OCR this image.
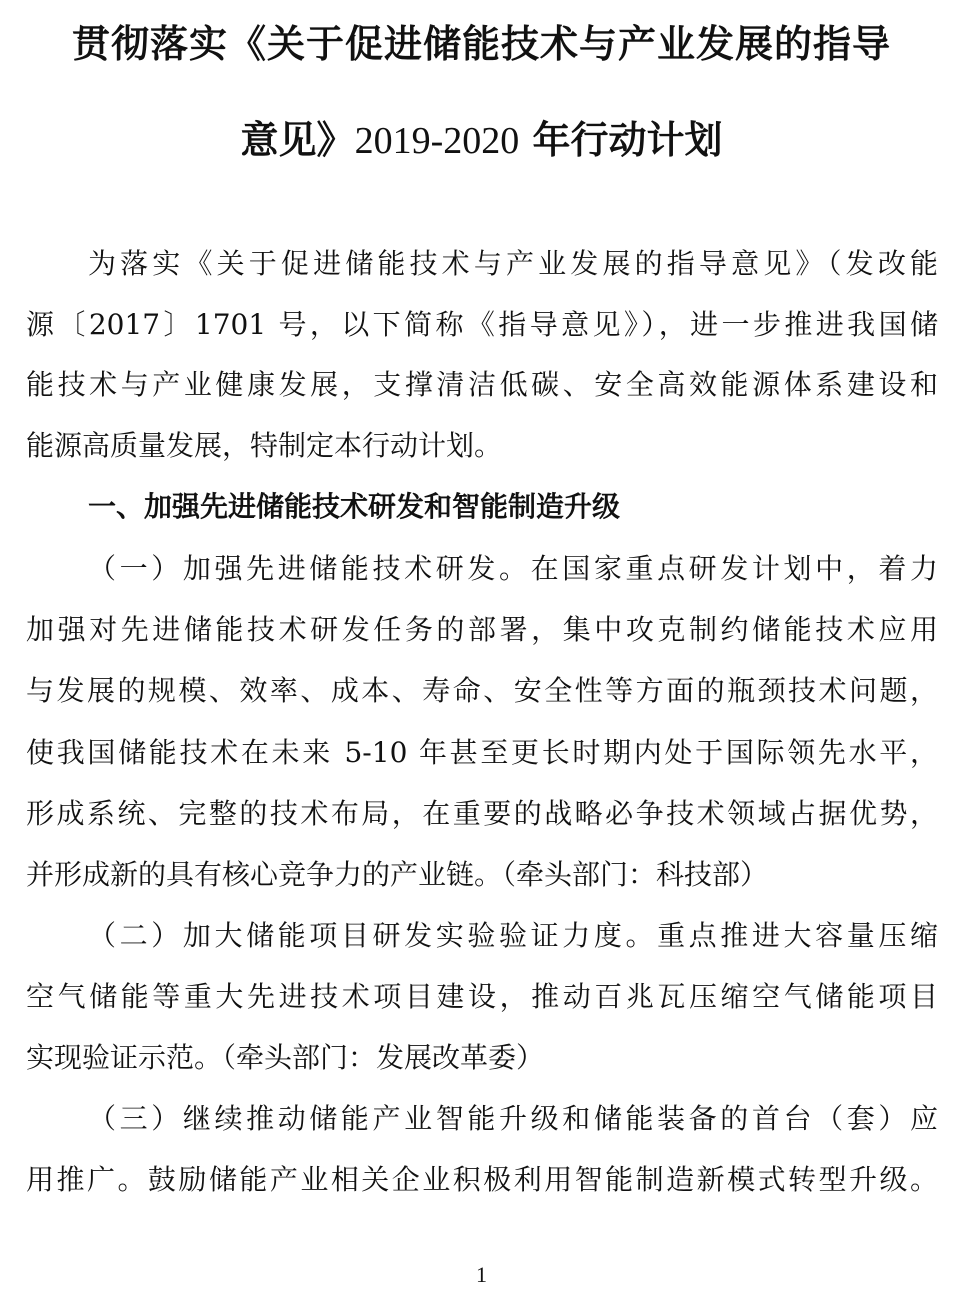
贯彻落实《关于促进储能技术与产业发展的指导
意见》2019-2020 年行动计划

为落实《关于促进储能技术与产业发展的指导意见》（发改能

源〔2017〕1701 号，以下简称《指导意见》），进一步推进我国储

能技术与产业健康发展，支撑清洁低碳、安全高效能源体系建设和

能源高质量发展，特制定本行动计划。

一、加强先进储能技术研发和智能制造升级

（一）加强先进储能技术研发。在国家重点研发计划中，着力

加强对先进储能技术研发任务的部署，集中攻克制约储能技术应用

与发展的规模、效率、成本、寿命、安全性等方面的瓶颈技术问题，

使我国储能技术在未来 5-10 年甚至更长时期内处于国际领先水平，

形成系统、完整的技术布局，在重要的战略必争技术领域占据优势，

并形成新的具有核心竞争力的产业链。（牵头部门：科技部）

（二）加大储能项目研发实验验证力度。重点推进大容量压缩

空气储能等重大先进技术项目建设，推动百兆瓦压缩空气储能项目

实现验证示范。（牵头部门：发展改革委）

（三）继续推动储能产业智能升级和储能装备的首台（套）应

用推广。鼓励储能产业相关企业积极利用智能制造新模式转型升级。

1
